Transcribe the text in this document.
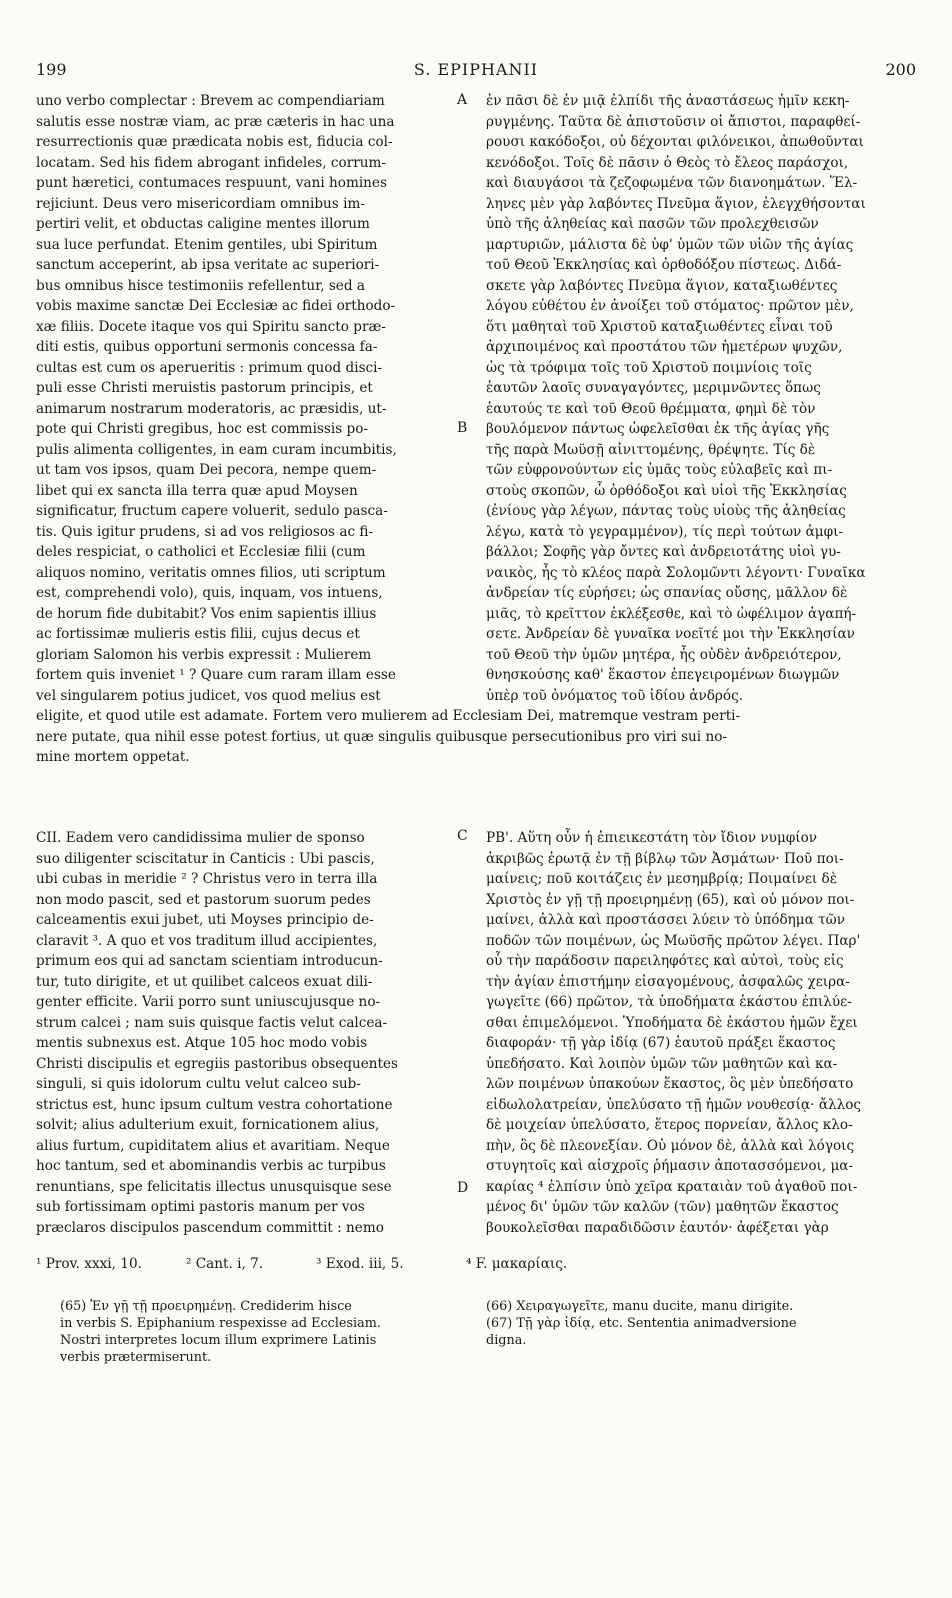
199	S. EPIPHANII	200
uno verbo complectar : Brevem ac compendiariam
salutis esse nostræ viam, ac præ cæteris in hac una
resurrectionis quæ prædicata nobis est, fiducia col-
locatam. Sed his fidem abrogant infideles, corrum-
punt hæretici, contumaces respuunt, vani homines
rejiciunt. Deus vero misericordiam omnibus im-
pertiri velit, et obductas caligine mentes illorum
sua luce perfundat. Etenim gentiles, ubi Spiritum
sanctum acceperint, ab ipsa veritate ac superiori-
bus omnibus hisce testimoniis refellentur, sed a
vobis maxime sanctæ Dei Ecclesiæ ac fidei orthodo-
xæ filiis. Docete itaque vos qui Spiritu sancto præ-
diti estis, quibus opportuni sermonis concessa fa-
cultas est cum os aperueritis : primum quod disci-
puli esse Christi meruistis pastorum principis, et
animarum nostrarum moderatoris, ac præsidis, ut-
pote qui Christi gregibus, hoc est commissis po-
pulis alimenta colligentes, in eam curam incumbitis,
ut tam vos ipsos, quam Dei pecora, nempe quem-
libet qui ex sancta illa terra quæ apud Moysen
significatur, fructum capere voluerit, sedulo pasca-
tis. Quis igitur prudens, si ad vos religiosos ac fi-
deles respiciat, o catholici et Ecclesiæ filii (cum
aliquos nomino, veritatis omnes filios, uti scriptum
est, comprehendi volo), quis, inquam, vos intuens,
de horum fide dubitabit? Vos enim sapientis illius
ac fortissimæ mulieris estis filii, cujus decus et
gloriam Salomon his verbis expressit : Mulierem
fortem quis inveniet ¹ ? Quare cum raram illam esse
vel singularem potius judicet, vos quod melius est
ἐν πᾶσι δὲ ἐν μιᾷ ἐλπίδι τῆς ἀναστάσεως ἡμῖν κεκη-
ρυγμένης. Ταῦτα δὲ ἀπιστοῦσιν οἱ ἄπιστοι, παραφθεί-
ρουσι κακόδοξοι, οὐ δέχονται φιλόνεικοι, ἀπωθοῦνται
κενόδοξοι. Τοῖς δὲ πᾶσιν ὁ Θεὸς τὸ ἔλεος παράσχοι,
καὶ διαυγάσοι τὰ ζεζοφωμένα τῶν διανοημάτων. Ἕλ-
ληνες μὲν γὰρ λαβόντες Πνεῦμα ἅγιον, ἐλεγχθήσονται
ὑπὸ τῆς ἀληθείας καὶ πασῶν τῶν προλεχθεισῶν
μαρτυριῶν, μάλιστα δὲ ὑφ' ὑμῶν τῶν υἱῶν τῆς ἁγίας
τοῦ Θεοῦ Ἐκκλησίας καὶ ὀρθοδόξου πίστεως. Διδά-
σκετε γὰρ λαβόντες Πνεῦμα ἅγιον, καταξιωθέντες
λόγου εὐθέτου ἐν ἀνοίξει τοῦ στόματος· πρῶτον μὲν,
ὅτι μαθηταὶ τοῦ Χριστοῦ καταξιωθέντες εἶναι τοῦ
ἀρχιποιμένος καὶ προστάτου τῶν ἡμετέρων ψυχῶν,
ὡς τὰ τρόφιμα τοῖς τοῦ Χριστοῦ ποιμνίοις τοῖς
ἑαυτῶν λαοῖς συναγαγόντες, μεριμνῶντες ὅπως
ἑαυτούς τε καὶ τοῦ Θεοῦ θρέμματα, φημὶ δὲ τὸν
βουλόμενον πάντως ὠφελεῖσθαι ἐκ τῆς ἁγίας γῆς
τῆς παρὰ Μωϋσῇ αἰνιττομένης, θρέψητε. Τίς δὲ
τῶν εὐφρονούντων εἰς ὑμᾶς τοὺς εὐλαβεῖς καὶ πι-
στοὺς σκοπῶν, ὦ ὀρθόδοξοι καὶ υἱοὶ τῆς Ἐκκλησίας
(ἐνίους γὰρ λέγων, πάντας τοὺς υἱοὺς τῆς ἀληθείας
λέγω, κατὰ τὸ γεγραμμένον), τίς περὶ τούτων ἀμφι-
βάλλοι; Σοφῆς γὰρ ὄντες καὶ ἀνδρειοτάτης υἱοὶ γυ-
ναικὸς, ἧς τὸ κλέος παρὰ Σολομῶντι λέγοντι· Γυναῖκα
ἀνδρείαν τίς εὑρήσει; ὡς σπανίας οὔσης, μᾶλλον δὲ
μιᾶς, τὸ κρεῖττον ἐκλέξεσθε, καὶ τὸ ὠφέλιμον ἀγαπή-
σετε. Ἀνδρείαν δὲ γυναῖκα νοεῖτέ μοι τὴν Ἐκκλησίαν
τοῦ Θεοῦ τὴν ὑμῶν μητέρα, ἧς οὐδὲν ἀνδρειότερον,
θνησκούσης καθ' ἕκαστον ἐπεγειρομένων διωγμῶν
ὑπὲρ τοῦ ὀνόματος τοῦ ἰδίου ἀνδρός.
A
B
C
D
eligite, et quod utile est adamate. Fortem vero mulierem ad Ecclesiam Dei, matremque vestram perti-
nere putate, qua nihil esse potest fortius, ut quæ singulis quibusque persecutionibus pro viri sui no-
mine mortem oppetat.
CII. Eadem vero candidissima mulier de sponso
suo diligenter sciscitatur in Canticis : Ubi pascis,
ubi cubas in meridie ² ? Christus vero in terra illa
non modo pascit, sed et pastorum suorum pedes
calceamentis exui jubet, uti Moyses principio de-
claravit ³. A quo et vos traditum illud accipientes,
primum eos qui ad sanctam scientiam introducun-
tur, tuto dirigite, et ut quilibet calceos exuat dili-
genter efficite. Varii porro sunt uniuscujusque no-
strum calcei ; nam suis quisque factis velut calcea-
mentis subnexus est. Atque 105 hoc modo vobis
Christi discipulis et egregiis pastoribus obsequentes
singuli, si quis idolorum cultu velut calceo sub-
strictus est, hunc ipsum cultum vestra cohortatione
solvit; alius adulterium exuit, fornicationem alius,
alius furtum, cupiditatem alius et avaritiam. Neque
hoc tantum, sed et abominandis verbis ac turpibus
renuntians, spe felicitatis illectus unusquisque sese
sub fortissimam optimi pastoris manum per vos
præclaros discipulos pascendum committit : nemo
ΡΒ'. Αὕτη οὖν ἡ ἐπιεικεστάτη τὸν ἴδιον νυμφίον
ἀκριβῶς ἐρωτᾷ ἐν τῇ βίβλῳ τῶν Ἀσμάτων· Ποῦ ποι-
μαίνεις; ποῦ κοιτάζεις ἐν μεσημβρίᾳ; Ποιμαίνει δὲ
Χριστὸς ἐν γῇ τῇ προειρημένῃ (65), καὶ οὐ μόνον ποι-
μαίνει, ἀλλὰ καὶ προστάσσει λύειν τὸ ὑπόδημα τῶν
ποδῶν τῶν ποιμένων, ὡς Μωϋσῆς πρῶτον λέγει. Παρ'
οὗ τὴν παράδοσιν παρειληφότες καὶ αὐτοὶ, τοὺς εἰς
τὴν ἁγίαν ἐπιστήμην εἰσαγομένους, ἀσφαλῶς χειρα-
γωγεῖτε (66) πρῶτον, τὰ ὑποδήματα ἑκάστου ἐπιλύε-
σθαι ἐπιμελόμενοι. Ὑποδήματα δὲ ἑκάστου ἡμῶν ἔχει
διαφοράν· τῇ γὰρ ἰδίᾳ (67) ἑαυτοῦ πράξει ἕκαστος
ὑπεδήσατο. Καὶ λοιπὸν ὑμῶν τῶν μαθητῶν καὶ κα-
λῶν ποιμένων ὑπακούων ἕκαστος, ὃς μὲν ὑπεδήσατο
εἰδωλολατρείαν, ὑπελύσατο τῇ ἡμῶν νουθεσίᾳ· ἄλλος
δὲ μοιχείαν ὑπελύσατο, ἕτερος πορνείαν, ἄλλος κλο-
πὴν, ὃς δὲ πλεονεξίαν. Οὐ μόνον δὲ, ἀλλὰ καὶ λόγοις
στυγητοῖς καὶ αἰσχροῖς ῥήμασιν ἀποτασσόμενοι, μα-
καρίας ⁴ ἐλπίσιν ὑπὸ χεῖρα κραταιὰν τοῦ ἀγαθοῦ ποι-
μένος δι' ὑμῶν τῶν καλῶν (τῶν) μαθητῶν ἕκαστος
βουκολεῖσθαι παραδιδῶσιν ἑαυτόν· ἀφέξεται γὰρ
¹ Prov. xxxi, 10.	² Cant. i, 7.	³ Exod. iii, 5.	⁴ F. μακαρίαις.
(65) Ἐν γῇ τῇ προειρημένῃ. Crediderim hisce
in verbis S. Epiphanium respexisse ad Ecclesiam.
Nostri interpretes locum illum exprimere Latinis
verbis prætermiserunt.
(66) Χειραγωγεῖτε, manu ducite, manu dirigite.
(67) Τῇ γὰρ ἰδίᾳ, etc. Sententia animadversione
digna.
